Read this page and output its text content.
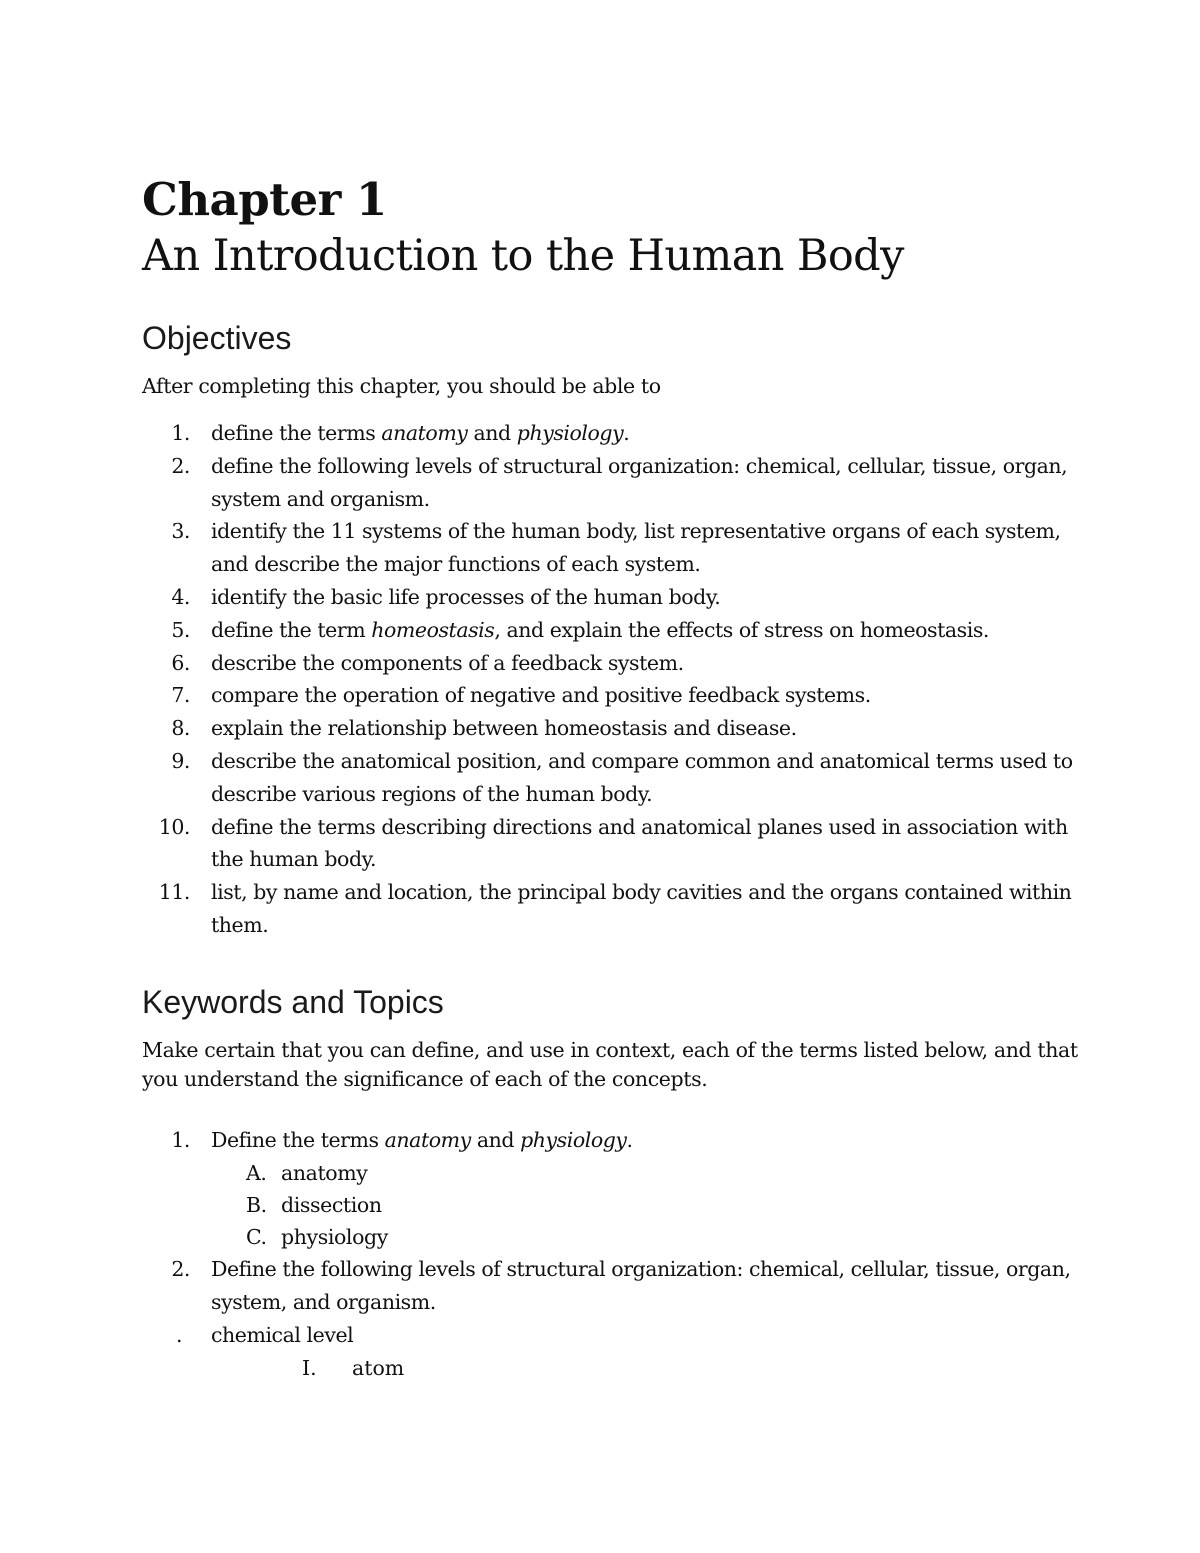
Chapter 1
An Introduction to the Human Body
Objectives

After completing this chapter, you should be able to

1.	define the terms anatomy and physiology.
2.	define the following levels of structural organization: chemical, cellular, tissue, organ, system and organism.
3.	identify the 11 systems of the human body, list representative organs of each system, and describe the major functions of each system.
4.	identify the basic life processes of the human body.
5.	define the term homeostasis, and explain the effects of stress on homeostasis.
6.	describe the components of a feedback system.
7.	compare the operation of negative and positive feedback systems.
8.	explain the relationship between homeostasis and disease.
9.	describe the anatomical position, and compare common and anatomical terms used to describe various regions of the human body.
10.	define the terms describing directions and anatomical planes used in association with the human body.
11.	list, by name and location, the principal body cavities and the organs contained within them.
Keywords and Topics

Make certain that you can define, and use in context, each of the terms listed below, and that you understand the significance of each of the concepts.

1.	Define the terms anatomy and physiology.
A. anatomy
B. dissection
C. physiology
2.	Define the following levels of structural organization: chemical, cellular, tissue, organ, system, and organism.
.	chemical level
I. atom
